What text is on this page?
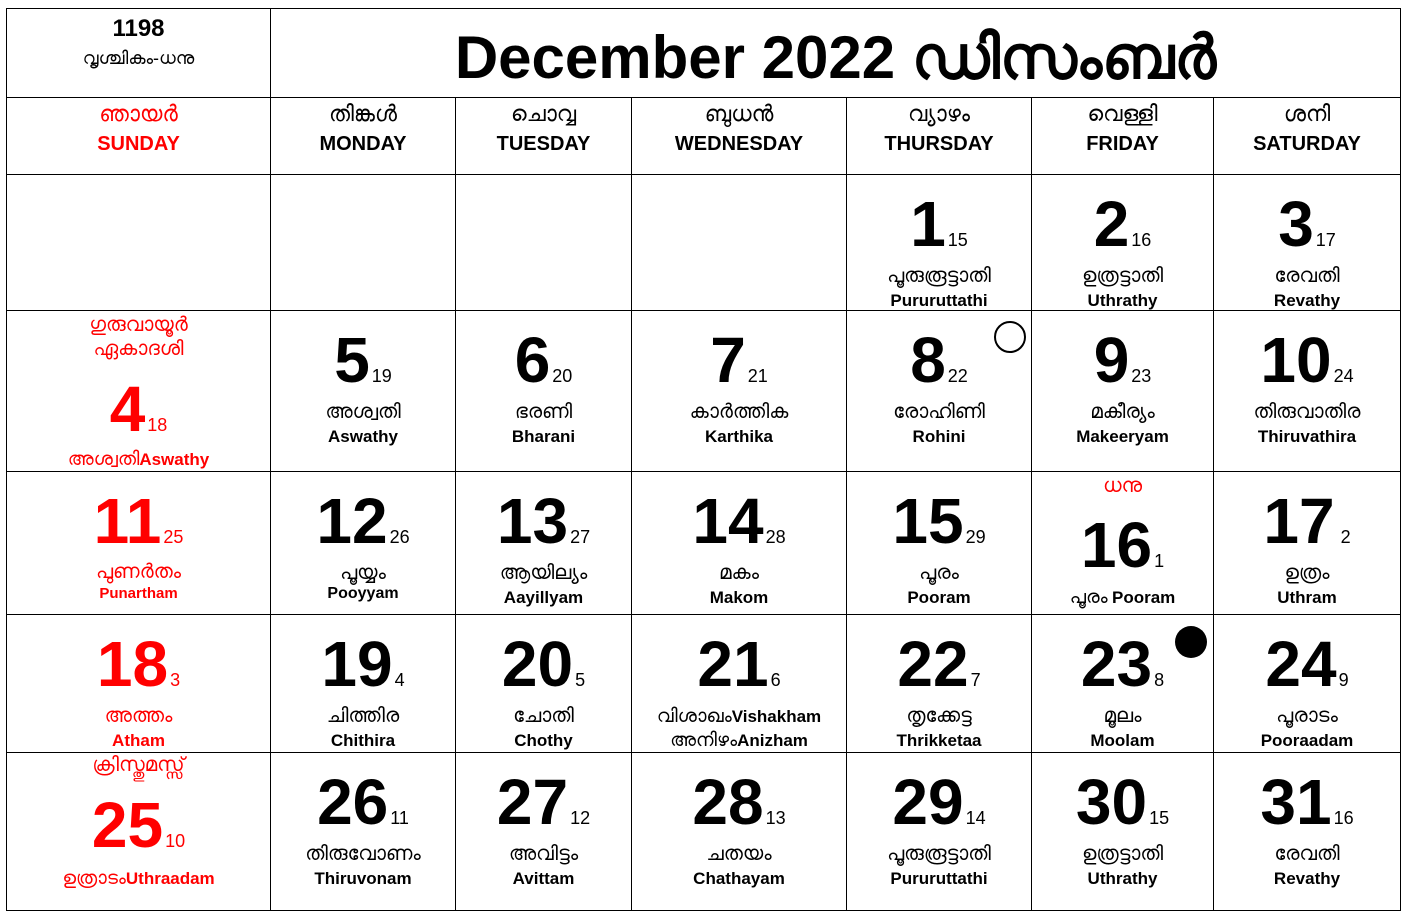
1198
വൃശ്ചികം-ധനു	December 2022 ഡിസംബർ
ഞായർ
SUNDAY
തിങ്കൾ
MONDAY
ചൊവ്വ
TUESDAY
ബുധൻ
WEDNESDAY
വ്യാഴം
THURSDAY
വെള്ളി
FRIDAY
ശനി
SATURDAY
1 15
പൂരുരൂട്ടാതി
Pururuttathi
2 16
ഉത്രട്ടാതി
Uthrathy
3 17
രേവതി
Revathy
ഗുരുവായൂർ
ഏകാദശി
4 18
അശ്വതിAswathy
5 19
അശ്വതി
Aswathy
6 20
ഭരണി
Bharani
7 21
കാർത്തിക
Karthika
8 22
രോഹിണി
Rohini
9 23
മകീര്യം
Makeeryam
10 24
തിരുവാതിര
Thiruvathira
11 25
പുണർതം
Punartham
12 26
പൂയ്യം
Pooyyam
13 27
ആയില്യം
Aayillyam
14 28
മകം
Makom
15 29
പൂരം
Pooram
ധനു
16 1
പൂരം Pooram
17 2
ഉത്രം
Uthram
18 3
അത്തം
Atham
19 4
ചിത്തിര
Chithira
20 5
ചോതി
Chothy
21 6
വിശാഖംVishakham
അനിഴംAnizham
22 7
തൃക്കേട്ട
Thrikketaa
23 8
മൂലം
Moolam
24 9
പൂരാടം
Pooraadam
ക്രിസ്തുമസ്സ്
25 10
ഉത്രാടംUthraadam
26 11
തിരുവോണം
Thiruvonam
27 12
അവിട്ടം
Avittam
28 13
ചതയം
Chathayam
29 14
പൂരുരൂട്ടാതി
Pururuttathi
30 15
ഉത്രട്ടാതി
Uthrathy
31 16
രേവതി
Revathy
